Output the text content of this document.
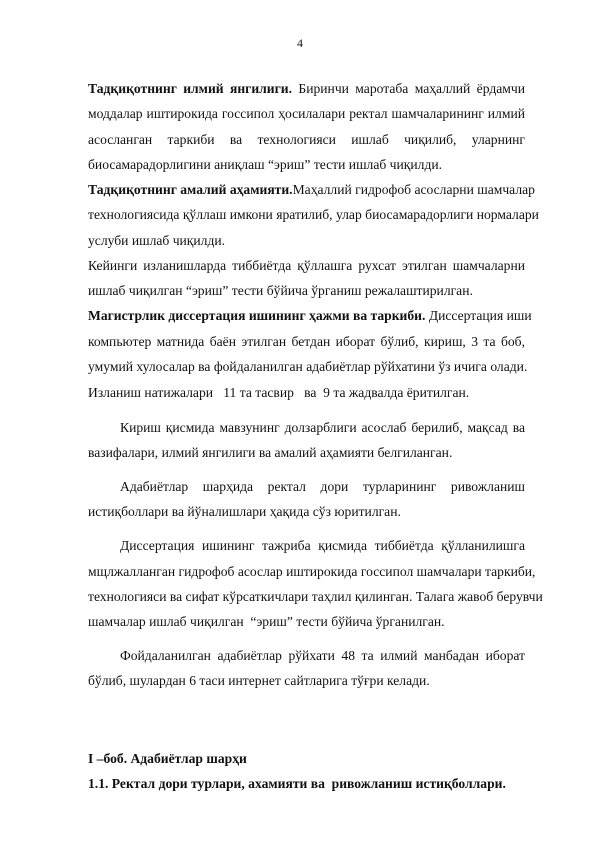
4
Тадқиқотнинг илмий янгилиги. Биринчи маротаба маҳаллий ёрдамчи
моддалар иштирокида госсипол ҳосилалари ректал шамчаларининг илмий
асосланган таркиби ва технологияси ишлаб чиқилиб, уларнинг
биосамарадорлигини аниқлаш “эриш” тести ишлаб чиқилди.
Тадқиқотнинг амалий аҳамияти.Маҳаллий гидрофоб асосларни шамчалар
технологиясида қўллаш имкони яратилиб, улар биосамарадорлиги нормалари
услуби ишлаб чиқилди.
Кейинги изланишларда тиббиётда қўллашга рухсат этилган шамчаларни
ишлаб чиқилган “эриш” тести бўйича ўрганиш режалаштирилган.
Магистрлик диссертация ишининг ҳажми ва таркиби. Диссертация иши
компьютер матнида баён этилган бетдан иборат бўлиб, кириш, 3 та боб,
умумий хулосалар ва фойдаланилган адабиётлар рўйхатини ўз ичига олади.
Изланиш натижалари   11 та тасвир   ва  9 та жадвалда ёритилган.
Кириш қисмида мавзунинг долзарблиги асослаб берилиб, мақсад ва
вазифалари, илмий янгилиги ва амалий аҳамияти белгиланган.
Адабиётлар шарҳида ректал дори турларининг ривожланиш
истиқболлари ва йўналишлари ҳақида сўз юритилган.
Диссертация ишининг тажриба қисмида тиббиётда қўлланилишга
мщлжалланган гидрофоб асослар иштирокида госсипол шамчалари таркиби,
технологияси ва сифат кўрсаткичлари таҳлил қилинган. Талага жавоб берувчи
шамчалар ишлаб чиқилган  “эриш” тести бўйича ўрганилган.
Фойдаланилган адабиётлар рўйхати 48 та илмий манбадан иборат
бўлиб, шулардан 6 таси интернет сайтларига тўғри келади.
I –боб. Адабиётлар шарҳи
1.1. Ректал дори турлари, ахамияти ва  ривожланиш истиқболлари.
